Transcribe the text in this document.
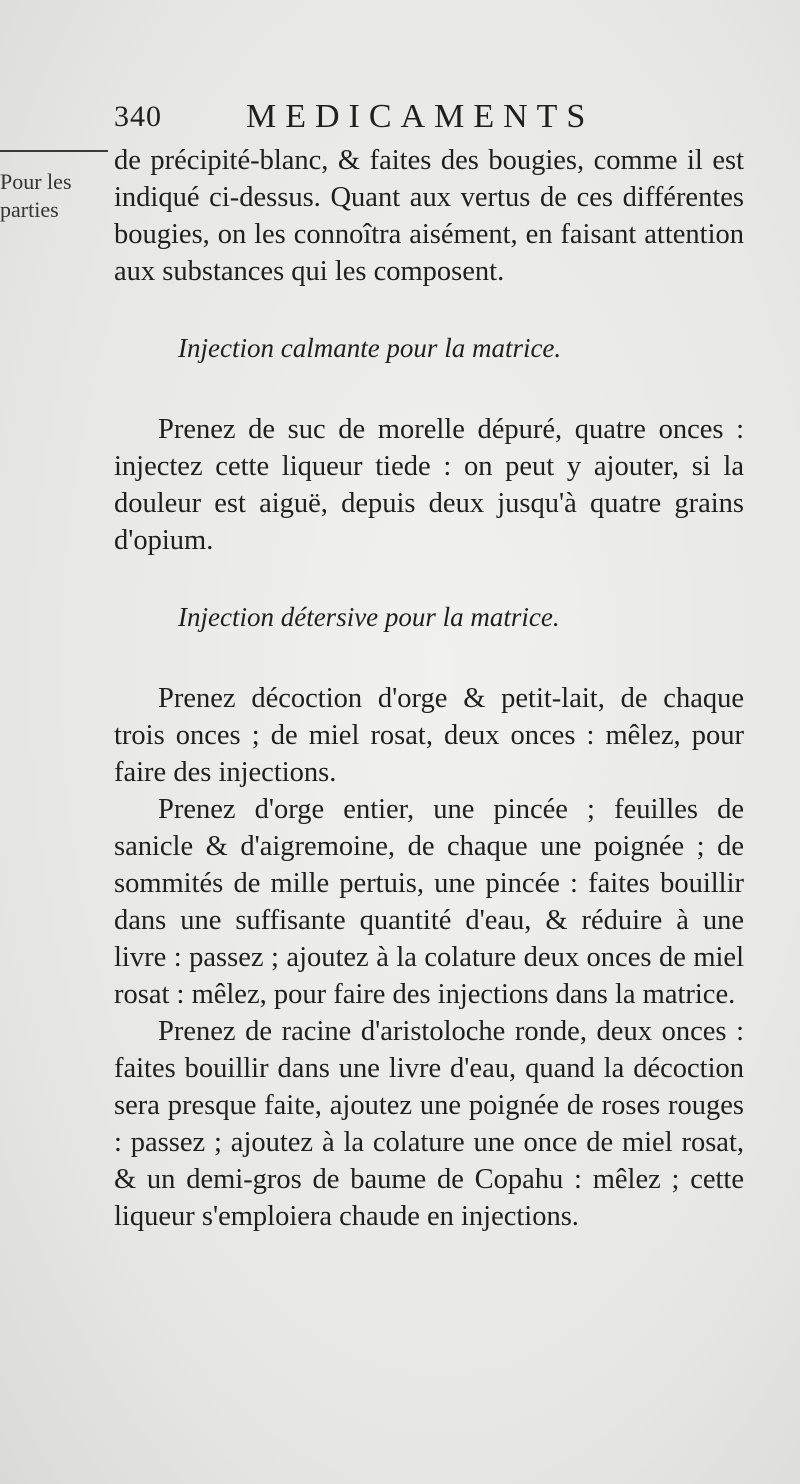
340 MEDICAMENTS
Pour les
parties

de précipité-blanc, & faites des bougies, comme il est indiqué ci-dessus. Quant aux vertus de ces différentes bougies, on les connoîtra aisément, en faisant attention aux substances qui les composent.

Injection calmante pour la matrice.

Prenez de suc de morelle dépuré, quatre onces : injectez cette liqueur tiede : on peut y ajouter, si la douleur est aiguë, depuis deux jusqu'à quatre grains d'opium.

Injection détersive pour la matrice.

Prenez décoction d'orge & petit-lait, de chaque trois onces ; de miel rosat, deux onces : mêlez, pour faire des injections.

Prenez d'orge entier, une pincée ; feuilles de sanicle & d'aigremoine, de chaque une poignée ; de sommités de mille pertuis, une pincée : faites bouillir dans une suffisante quantité d'eau, & réduire à une livre : passez ; ajoutez à la colature deux onces de miel rosat : mêlez, pour faire des injections dans la matrice.

Prenez de racine d'aristoloche ronde, deux onces : faites bouillir dans une livre d'eau, quand la décoction sera presque faite, ajoutez une poignée de roses rouges : passez ; ajoutez à la colature une once de miel rosat, & un demi-gros de baume de Copahu : mêlez ; cette liqueur s'emploiera chaude en injections.
